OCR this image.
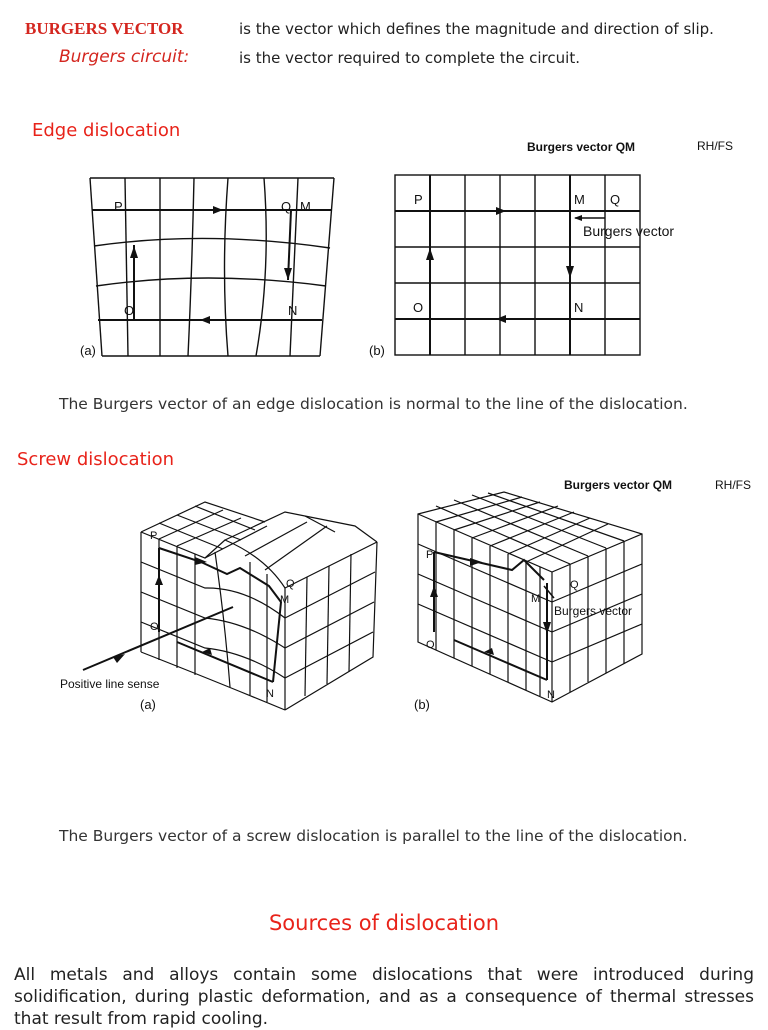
BURGERS VECTOR	is the vector which defines the magnitude and direction of slip.
Burgers circuit:	is the vector required to complete the circuit.
Edge dislocation
Burgers vector QM	RH/FS
P	Q M
O	N
(a)
P	M Q
Burgers vector
O	N
(b)
The Burgers vector of an edge dislocation is normal to the line of the dislocation.
Screw dislocation
Burgers vector QM	RH/FS
P
Q
M
O
N
Positive line sense
(a)
P
M
Q
Burgers vector
O
N
(b)
The Burgers vector of a screw dislocation is parallel to the line of the dislocation.
Sources of dislocation
All metals and alloys contain some dislocations that were introduced during
solidification, during plastic deformation, and as a consequence of thermal stresses
that result from rapid cooling.
